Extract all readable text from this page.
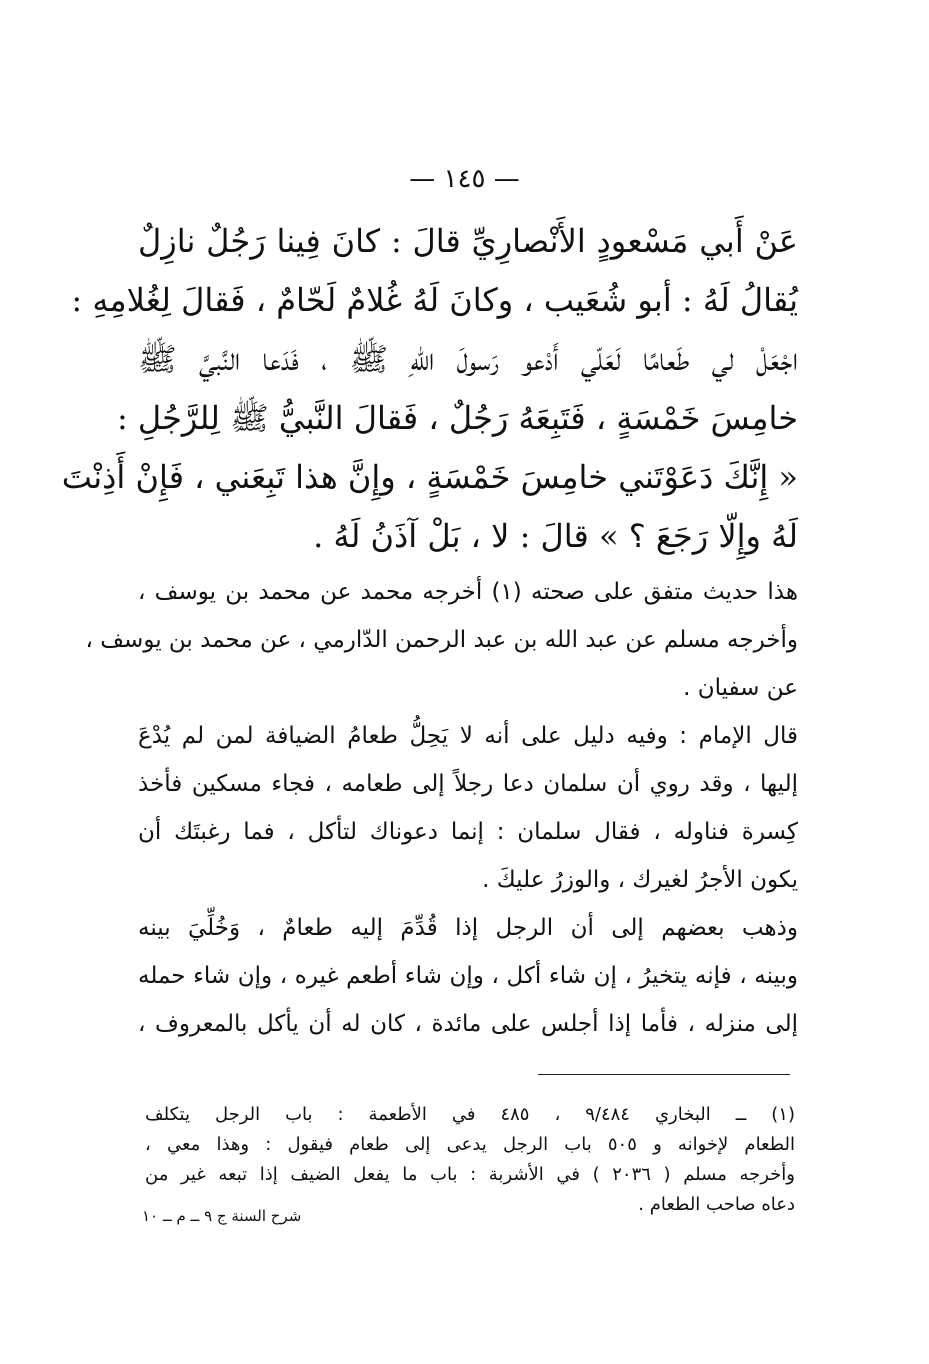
— ١٤٥ —
عَنْ أَبي مَسْعودٍ الأَنْصارِيِّ قالَ : كانَ فِينا رَجُلٌ نازِلٌ
يُقالُ لَهُ : أبو شُعَيب ، وكانَ لَهُ غُلامٌ لَحّامٌ ، فَقالَ لِغُلامِهِ :
اجْعَلْ لي طَعامًا لَعَلّي أَدْعو رَسولَ اللهِ ﷺ ، فَدَعا النَّبيَّ ﷺ
خامِسَ خَمْسَةٍ ، فَتَبِعَهُ رَجُلٌ ، فَقالَ النَّبيُّ ﷺ لِلرَّجُلِ :
« إِنَّكَ دَعَوْتَني خامِسَ خَمْسَةٍ ، وإِنَّ هذا تَبِعَني ، فَإِنْ أَذِنْتَ
لَهُ وإِلّا رَجَعَ ؟ » قالَ : لا ، بَلْ آذَنُ لَهُ .
هذا حديث متفق على صحته (١) أخرجه محمد عن محمد بن يوسف ،
وأخرجه مسلم عن عبد الله بن عبد الرحمن الدّارمي ، عن محمد بن يوسف ،
عن سفيان .
قال الإمام : وفيه دليل على أنه لا يَحِلُّ طعامُ الضيافة لمن لم يُدْعَ
إليها ، وقد روي أن سلمان دعا رجلاً إلى طعامه ، فجاء مسكين فأخذ
كِسرة فناوله ، فقال سلمان : إنما دعوناك لتأكل ، فما رغبتَك أن
يكون الأجرُ لغيرك ، والوزرُ عليكَ .
وذهب بعضهم إلى أن الرجل إذا قُدِّمَ إليه طعامٌ ، وَخُلِّيَ بينه
وبينه ، فإنه يتخيرُ ، إن شاء أكل ، وإن شاء أطعم غيره ، وإن شاء حمله
إلى منزله ، فأما إذا أجلس على مائدة ، كان له أن يأكل بالمعروف ،
(١) ــ البخاري ٩/٤٨٤ ، ٤٨٥ في الأطعمة : باب الرجل يتكلف
الطعام لإخوانه و ٥٠٥ باب الرجل يدعى إلى طعام فيقول : وهذا معي ،
وأخرجه مسلم ( ٢٠٣٦ ) في الأشربة : باب ما يفعل الضيف إذا تبعه غير من
دعاه صاحب الطعام .
شرح السنة ج ٩ ــ م ــ ١٠
